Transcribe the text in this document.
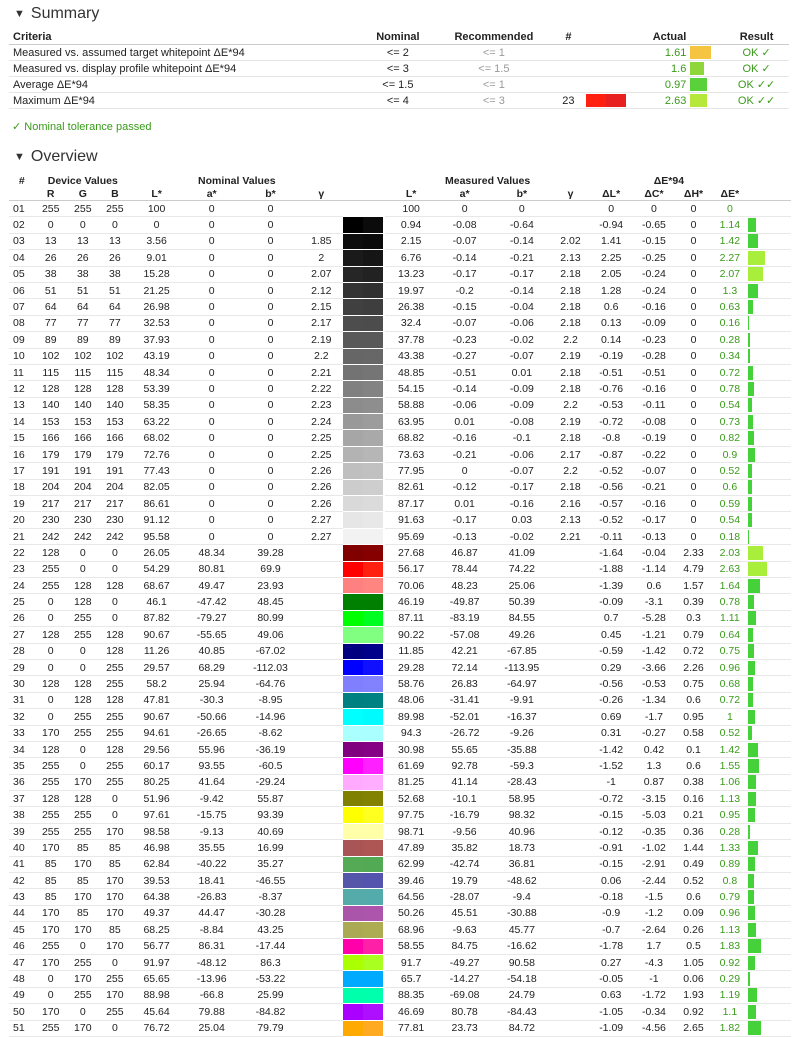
▼ Summary
Criteria	Nominal	Recommended	#		Actual		Result
Measured vs. assumed target whitepoint ΔE*94	<= 2	<= 1			1.61		OK ✓
Measured vs. display profile whitepoint ΔE*94	<= 3	<= 1.5			1.6		OK ✓
Average ΔE*94	<= 1.5	<= 1			0.97		OK ✓✓
Maximum ΔE*94	<= 4	<= 3	23		2.63		OK ✓✓
✓ Nominal tolerance passed
▼ Overview
#	Device Values			Nominal Values					Measured Values				ΔE*94				
	R	G	B	L*	a*	b*	γ		L*	a*	b*	γ	ΔL*	ΔC*	ΔH*	ΔE*	
01	255	255	255	100	0	0			100	0	0		0	0	0	0	

02	0	0	0	0	0	0			0.94	-0.08	-0.64		-0.94	-0.65	0	1.14	

03	13	13	13	3.56	0	0	1.85		2.15	-0.07	-0.14	2.02	1.41	-0.15	0	1.42	

04	26	26	26	9.01	0	0	2		6.76	-0.14	-0.21	2.13	2.25	-0.25	0	2.27	

05	38	38	38	15.28	0	0	2.07		13.23	-0.17	-0.17	2.18	2.05	-0.24	0	2.07	

06	51	51	51	21.25	0	0	2.12		19.97	-0.2	-0.14	2.18	1.28	-0.24	0	1.3	

07	64	64	64	26.98	0	0	2.15		26.38	-0.15	-0.04	2.18	0.6	-0.16	0	0.63	

08	77	77	77	32.53	0	0	2.17		32.4	-0.07	-0.06	2.18	0.13	-0.09	0	0.16	

09	89	89	89	37.93	0	0	2.19		37.78	-0.23	-0.02	2.2	0.14	-0.23	0	0.28	

10	102	102	102	43.19	0	0	2.2		43.38	-0.27	-0.07	2.19	-0.19	-0.28	0	0.34	

11	115	115	115	48.34	0	0	2.21		48.85	-0.51	0.01	2.18	-0.51	-0.51	0	0.72	

12	128	128	128	53.39	0	0	2.22		54.15	-0.14	-0.09	2.18	-0.76	-0.16	0	0.78	

13	140	140	140	58.35	0	0	2.23		58.88	-0.06	-0.09	2.2	-0.53	-0.11	0	0.54	

14	153	153	153	63.22	0	0	2.24		63.95	0.01	-0.08	2.19	-0.72	-0.08	0	0.73	

15	166	166	166	68.02	0	0	2.25		68.82	-0.16	-0.1	2.18	-0.8	-0.19	0	0.82	

16	179	179	179	72.76	0	0	2.25		73.63	-0.21	-0.06	2.17	-0.87	-0.22	0	0.9	

17	191	191	191	77.43	0	0	2.26		77.95	0	-0.07	2.2	-0.52	-0.07	0	0.52	

18	204	204	204	82.05	0	0	2.26		82.61	-0.12	-0.17	2.18	-0.56	-0.21	0	0.6	

19	217	217	217	86.61	0	0	2.26		87.17	0.01	-0.16	2.16	-0.57	-0.16	0	0.59	

20	230	230	230	91.12	0	0	2.27		91.63	-0.17	0.03	2.13	-0.52	-0.17	0	0.54	

21	242	242	242	95.58	0	0	2.27		95.69	-0.13	-0.02	2.21	-0.11	-0.13	0	0.18	

22	128	0	0	26.05	48.34	39.28			27.68	46.87	41.09		-1.64	-0.04	2.33	2.03	

23	255	0	0	54.29	80.81	69.9			56.17	78.44	74.22		-1.88	-1.14	4.79	2.63	

24	255	128	128	68.67	49.47	23.93			70.06	48.23	25.06		-1.39	0.6	1.57	1.64	

25	0	128	0	46.1	-47.42	48.45			46.19	-49.87	50.39		-0.09	-3.1	0.39	0.78	

26	0	255	0	87.82	-79.27	80.99			87.11	-83.19	84.55		0.7	-5.28	0.3	1.11	

27	128	255	128	90.67	-55.65	49.06			90.22	-57.08	49.26		0.45	-1.21	0.79	0.64	

28	0	0	128	11.26	40.85	-67.02			11.85	42.21	-67.85		-0.59	-1.42	0.72	0.75	

29	0	0	255	29.57	68.29	-112.03			29.28	72.14	-113.95		0.29	-3.66	2.26	0.96	

30	128	128	255	58.2	25.94	-64.76			58.76	26.83	-64.97		-0.56	-0.53	0.75	0.68	

31	0	128	128	47.81	-30.3	-8.95			48.06	-31.41	-9.91		-0.26	-1.34	0.6	0.72	

32	0	255	255	90.67	-50.66	-14.96			89.98	-52.01	-16.37		0.69	-1.7	0.95	1	

33	170	255	255	94.61	-26.65	-8.62			94.3	-26.72	-9.26		0.31	-0.27	0.58	0.52	

34	128	0	128	29.56	55.96	-36.19			30.98	55.65	-35.88		-1.42	0.42	0.1	1.42	

35	255	0	255	60.17	93.55	-60.5			61.69	92.78	-59.3		-1.52	1.3	0.6	1.55	

36	255	170	255	80.25	41.64	-29.24			81.25	41.14	-28.43		-1	0.87	0.38	1.06	

37	128	128	0	51.96	-9.42	55.87			52.68	-10.1	58.95		-0.72	-3.15	0.16	1.13	

38	255	255	0	97.61	-15.75	93.39			97.75	-16.79	98.32		-0.15	-5.03	0.21	0.95	

39	255	255	170	98.58	-9.13	40.69			98.71	-9.56	40.96		-0.12	-0.35	0.36	0.28	

40	170	85	85	46.98	35.55	16.99			47.89	35.82	18.73		-0.91	-1.02	1.44	1.33	

41	85	170	85	62.84	-40.22	35.27			62.99	-42.74	36.81		-0.15	-2.91	0.49	0.89	

42	85	85	170	39.53	18.41	-46.55			39.46	19.79	-48.62		0.06	-2.44	0.52	0.8	

43	85	170	170	64.38	-26.83	-8.37			64.56	-28.07	-9.4		-0.18	-1.5	0.6	0.79	

44	170	85	170	49.37	44.47	-30.28			50.26	45.51	-30.88		-0.9	-1.2	0.09	0.96	

45	170	170	85	68.25	-8.84	43.25			68.96	-9.63	45.77		-0.7	-2.64	0.26	1.13	

46	255	0	170	56.77	86.31	-17.44			58.55	84.75	-16.62		-1.78	1.7	0.5	1.83	

47	170	255	0	91.97	-48.12	86.3			91.7	-49.27	90.58		0.27	-4.3	1.05	0.92	

48	0	170	255	65.65	-13.96	-53.22			65.7	-14.27	-54.18		-0.05	-1	0.06	0.29	

49	0	255	170	88.98	-66.8	25.99			88.35	-69.08	24.79		0.63	-1.72	1.93	1.19	

50	170	0	255	45.64	79.88	-84.82			46.69	80.78	-84.43		-1.05	-0.34	0.92	1.1	

51	255	170	0	76.72	25.04	79.79			77.81	23.73	84.72		-1.09	-4.56	2.65	1.82	
